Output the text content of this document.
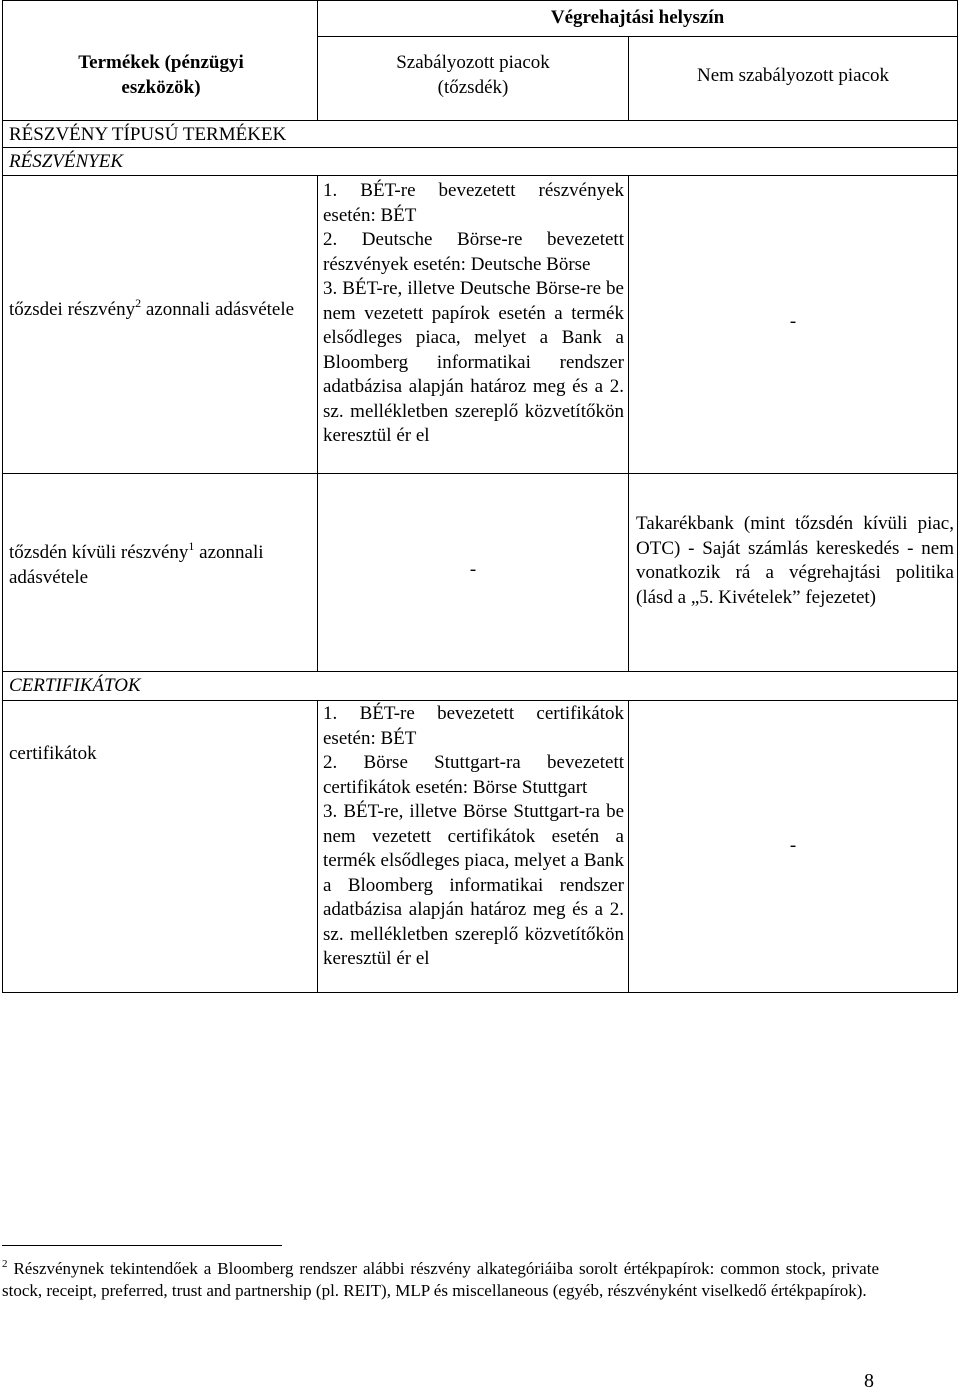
Termékek (pénzügyi eszközök)
Végrehajtási helyszín
Szabályozott piacok
(tőzsdék)
Nem szabályozott piacok
RÉSZVÉNY TÍPUSÚ TERMÉKEK
RÉSZVÉNYEK
tőzsdei részvény$^2$ azonnali adásvétele
1. BÉT-re bevezetett részvények esetén: BÉT
2. Deutsche Börse-re bevezetett részvények esetén: Deutsche Börse
3. BÉT-re, illetve Deutsche Börse-re be nem vezetett papírok esetén a termék elsődleges piaca, melyet a Bank a Bloomberg informatikai rendszer adatbázisa alapján határoz meg és a 2. sz. mellékletben szereplő közvetítőkön keresztül ér el
-
tőzsdén kívüli részvény$^1$ azonnali adásvétele	-
Takarékbank (mint tőzsdén kívüli piac, OTC) - Saját számlás kereskedés - nem vonatkozik rá a végrehajtási politika (lásd a „5. Kivételek” fejezetet)
CERTIFIKÁTOK
certifikátok
1. BÉT-re bevezetett certifikátok esetén: BÉT
2. Börse Stuttgart-ra bevezetett certifikátok esetén: Börse Stuttgart
3. BÉT-re, illetve Börse Stuttgart-ra be nem vezetett certifikátok esetén a termék elsődleges piaca, melyet a Bank a Bloomberg informatikai rendszer adatbázisa alapján határoz meg és a 2. sz. mellékletben szereplő közvetítőkön keresztül ér el
-
$^2$ Részvénynek tekintendőek a Bloomberg rendszer alábbi részvény alkategóriáiba sorolt értékpapírok: common stock, private stock, receipt, preferred, trust and partnership (pl. REIT), MLP és miscellaneous (egyéb, részvényként viselkedő értékpapírok).
8
